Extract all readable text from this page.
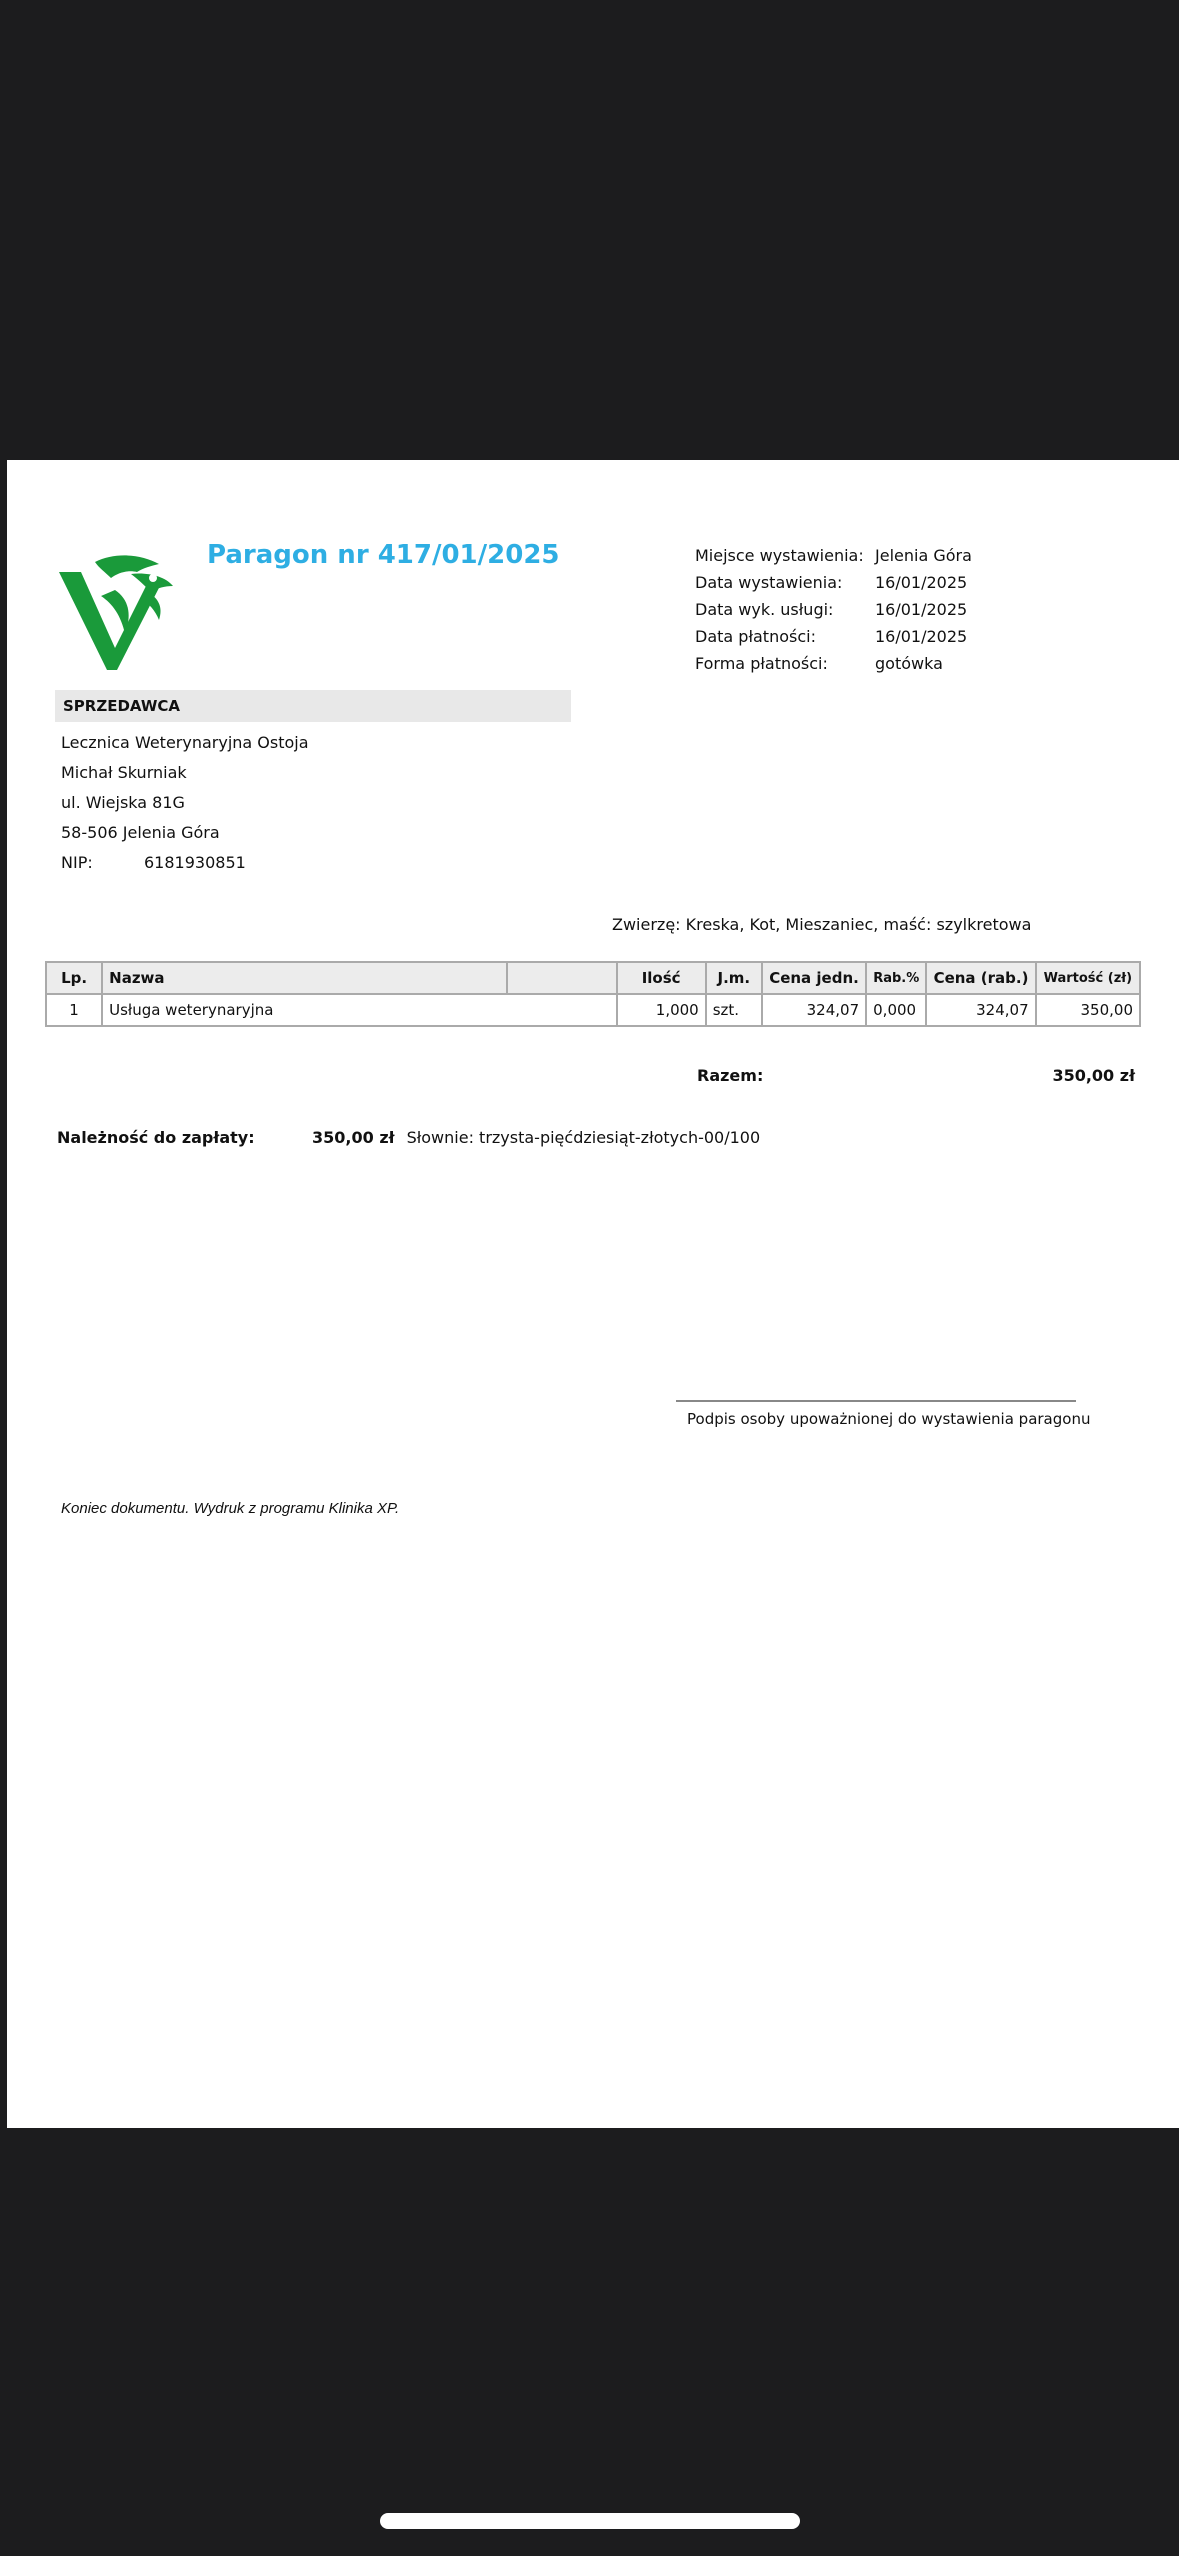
Paragon nr 417/01/2025	Miejsce wystawienia: Jelenia Góra
Data wystawienia:	16/01/2025
Data wyk. usługi:	16/01/2025
Data płatności:	16/01/2025
Forma płatności:	gotówka
SPRZEDAWCA
Lecznica Weterynaryjna Ostoja
Michał Skurniak
ul. Wiejska 81G
58-506 Jelenia Góra
NIP:	6181930851
Zwierzę: Kreska, Kot, Mieszaniec, maść: szylkretowa
Lp.	Nazwa		Ilość	J.m.	Cena jedn.	Rab.%	Cena (rab.)	Wartość (zł)
1	Usługa weterynaryjna		1,000	szt.	324,07	0,000	324,07	350,00
Razem:	350,00 zł
Należność do zapłaty:	350,00 zł Słownie: trzysta-pięćdziesiąt-złotych-00/100
Podpis osoby upoważnionej do wystawienia paragonu
Koniec dokumentu. Wydruk z programu Klinika XP.
